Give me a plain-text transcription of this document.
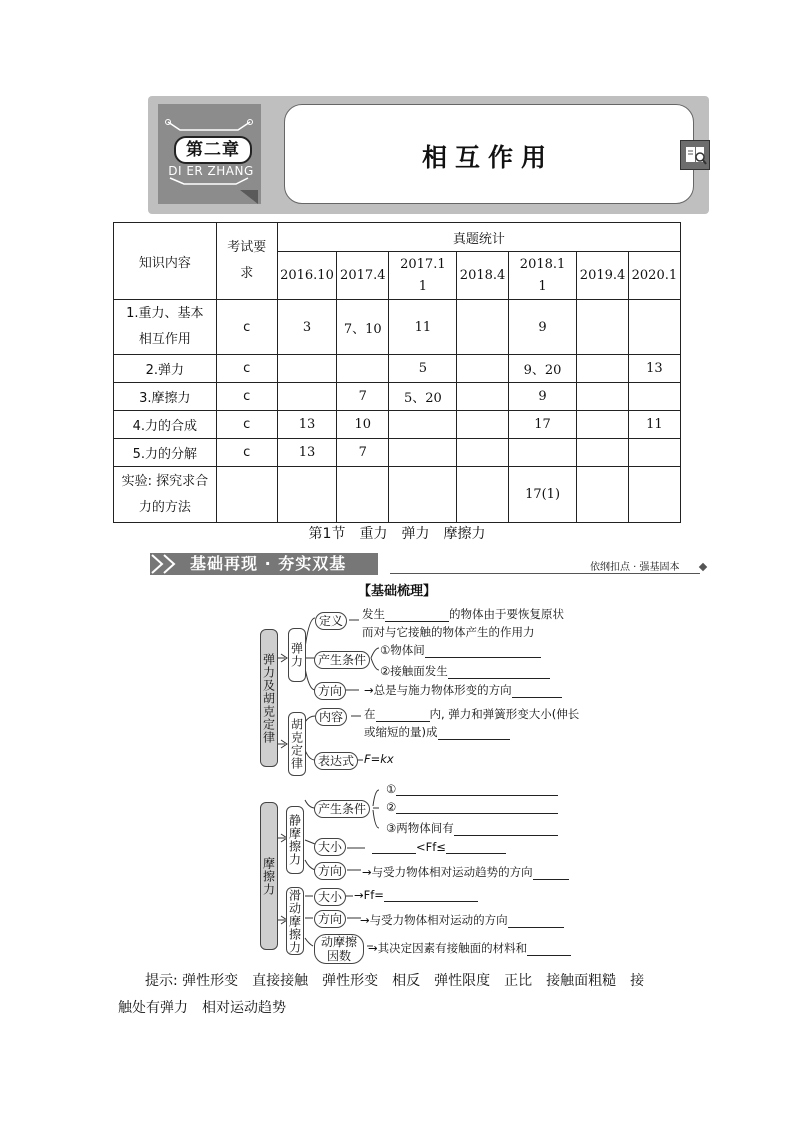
第二章
DI ER ZHANG	相互作用
知识内容	考试要求	真题统计						
		2016.10	2017.4	2017.11	2018.4	2018.11	2019.4	2020.1
1.重力、基本相互作用	c	3	7、10	11		9		
2.弹力	c			5		9、20		13
3.摩擦力	c		7	5、20		9		
4.力的合成	c	13	10			17		11
5.力的分解	c	13	7					
实验: 探究求合力的方法						17(1)		
第1节　重力　弹力　摩擦力
基础再现 · 夯实双基	依纲扣点 · 强基固本
【基础梳理】
弹力及胡克定律 弹力
胡克定律
定义	发生	的物体由于要恢复原状
而对与它接触的物体产生的作用力
产生条件
①物体间
②接触面发生
方向	→总是与施力物体形变的方向
内容	在	内, 弹力和弹簧形变大小(伸长
或缩短的量)成
表达式 F=kx
摩擦力
静摩擦力
滑动摩擦力
产生条件
①
②
③两物体间有
大小	<Ff≤
方向	→与受力物体相对运动趋势的方向
大小	→Ff=
方向	→与受力物体相对运动的方向
动摩擦因数
→其决定因素有接触面的材料和
提示: 弹性形变　直接接触　弹性形变　相反　弹性限度　正比　接触面粗糙　接触处有弹力　相对运动趋势
